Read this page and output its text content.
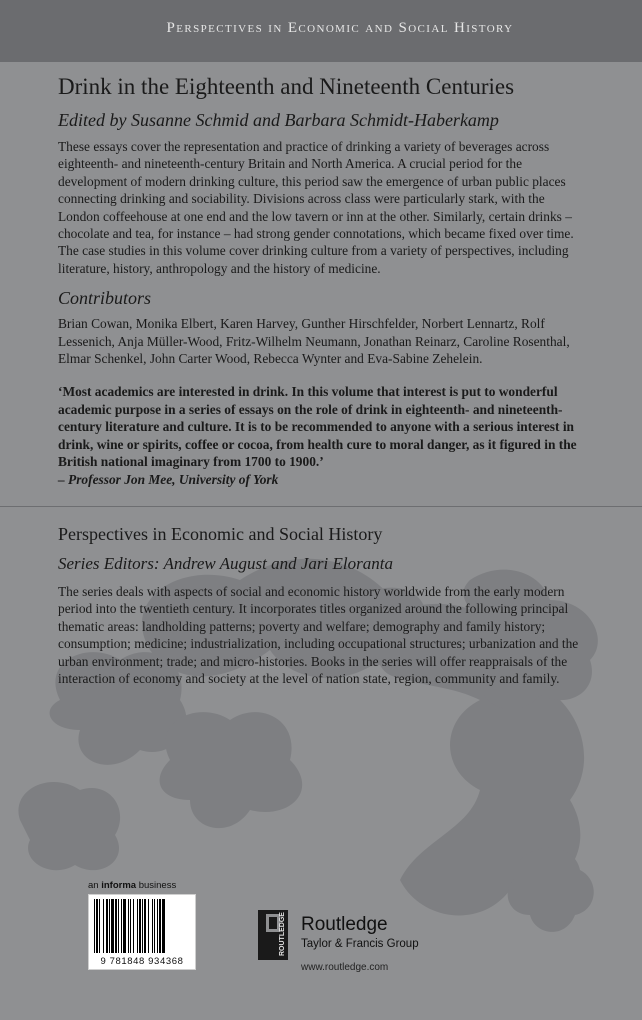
Perspectives in Economic and Social History
Drink in the Eighteenth and Nineteenth Centuries

Edited by Susanne Schmid and Barbara Schmidt-Haberkamp

These essays cover the representation and practice of drinking a variety of beverages across eighteenth- and nineteenth-century Britain and North America. A crucial period for the development of modern drinking culture, this period saw the emergence of urban public places connecting drinking and sociability. Divisions across class were particularly stark, with the London coffeehouse at one end and the low tavern or inn at the other. Similarly, certain drinks – chocolate and tea, for instance – had strong gender connotations, which became fixed over time. The case studies in this volume cover drinking culture from a variety of perspectives, including literature, history, anthropology and the history of medicine.

Contributors

Brian Cowan, Monika Elbert, Karen Harvey, Gunther Hirschfelder, Norbert Lennartz, Rolf Lessenich, Anja Müller-Wood, Fritz-Wilhelm Neumann, Jonathan Reinarz, Caroline Rosenthal, Elmar Schenkel, John Carter Wood, Rebecca Wynter and Eva-Sabine Zehelein.

‘Most academics are interested in drink. In this volume that interest is put to wonderful academic purpose in a series of essays on the role of drink in eighteenth- and nineteenth-century literature and culture. It is to be recommended to anyone with a serious interest in drink, wine or spirits, coffee or cocoa, from health cure to moral danger, as it figured in the British national imaginary from 1700 to 1900.’

– Professor Jon Mee, University of York

Perspectives in Economic and Social History

Series Editors: Andrew August and Jari Eloranta

The series deals with aspects of social and economic history worldwide from the early modern period into the twentieth century. It incorporates titles organized around the following principal thematic areas: landholding patterns; poverty and welfare; demography and family history; consumption; medicine; industrialization, including occupational structures; urbanization and the urban environment; trade; and micro-histories. Books in the series will offer reappraisals of the interaction of economy and society at the level of nation state, region, community and family.

an informa business
9 781848 934368
ROUTLEDGE Routledge
Taylor & Francis Group
www.routledge.com
